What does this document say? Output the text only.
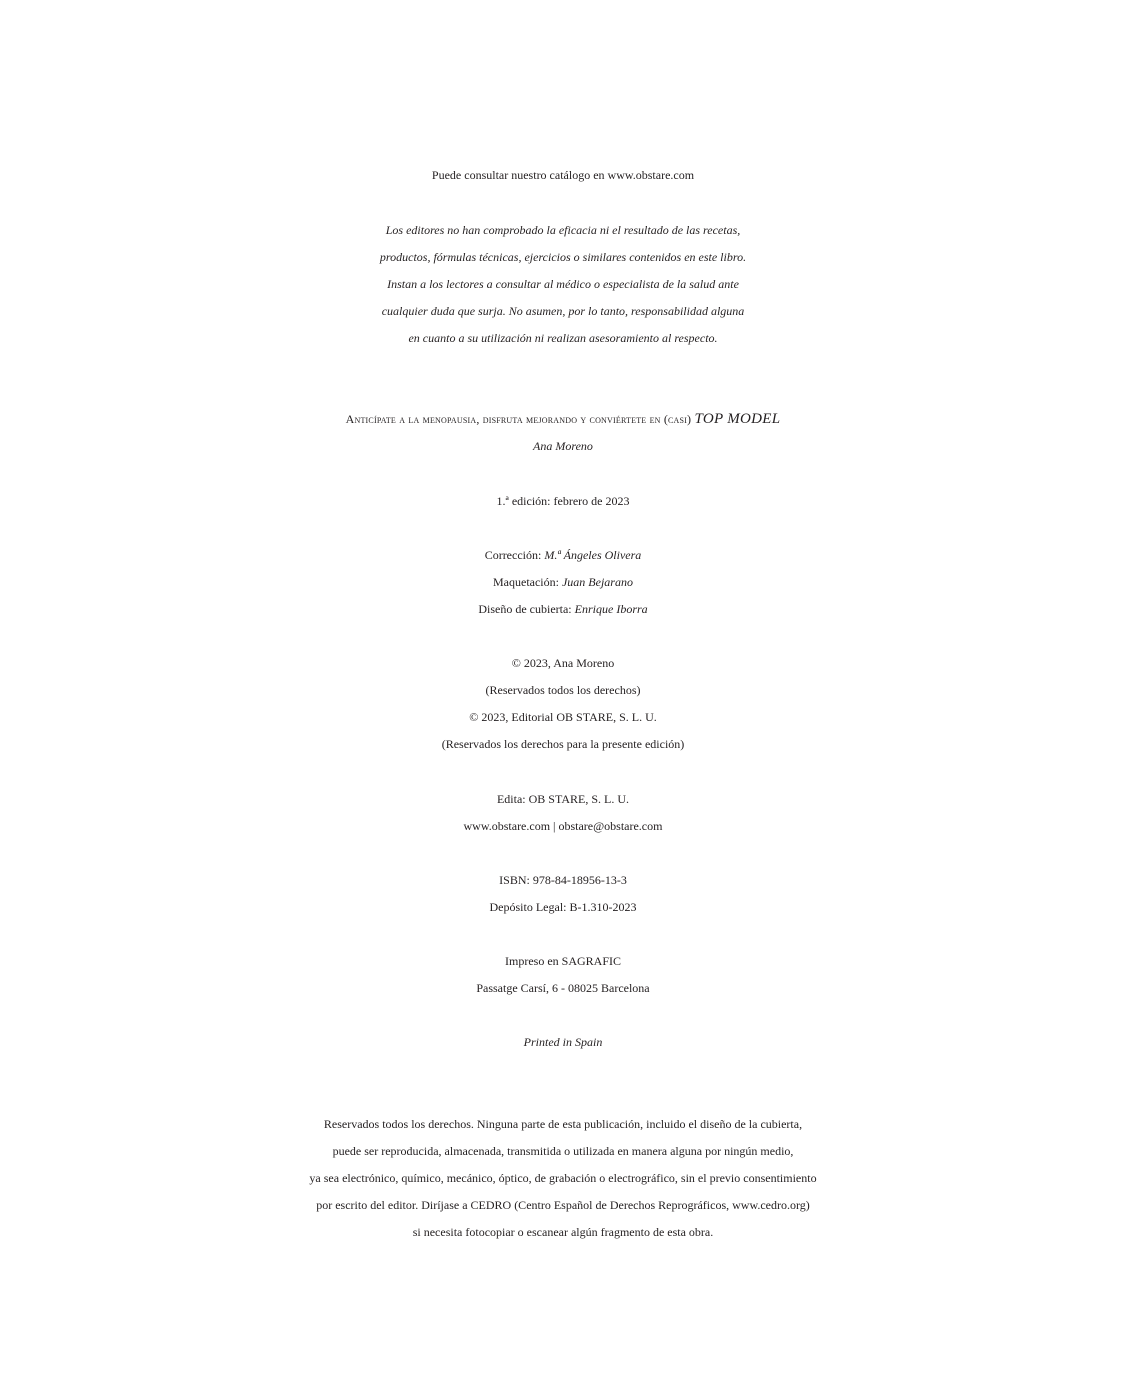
Puede consultar nuestro catálogo en www.obstare.com
Los editores no han comprobado la eficacia ni el resultado de las recetas,
productos, fórmulas técnicas, ejercicios o similares contenidos en este libro.
Instan a los lectores a consultar al médico o especialista de la salud ante
cualquier duda que surja. No asumen, por lo tanto, responsabilidad alguna
en cuanto a su utilización ni realizan asesoramiento al respecto.
Anticípate a la menopausia, disfruta mejorando y conviértete en (casi) TOP MODEL
Ana Moreno
1.ª edición: febrero de 2023
Corrección: M.ª Ángeles Olivera
Maquetación: Juan Bejarano
Diseño de cubierta: Enrique Iborra
© 2023, Ana Moreno
(Reservados todos los derechos)
© 2023, Editorial OB STARE, S. L. U.
(Reservados los derechos para la presente edición)
Edita: OB STARE, S. L. U.
www.obstare.com | obstare@obstare.com
ISBN: 978-84-18956-13-3
Depósito Legal: B-1.310-2023
Impreso en SAGRAFIC
Passatge Carsí, 6 - 08025 Barcelona
Printed in Spain
Reservados todos los derechos. Ninguna parte de esta publicación, incluido el diseño de la cubierta,
puede ser reproducida, almacenada, transmitida o utilizada en manera alguna por ningún medio,
ya sea electrónico, químico, mecánico, óptico, de grabación o electrográfico, sin el previo consentimiento
por escrito del editor. Diríjase a CEDRO (Centro Español de Derechos Reprográficos, www.cedro.org)
si necesita fotocopiar o escanear algún fragmento de esta obra.
